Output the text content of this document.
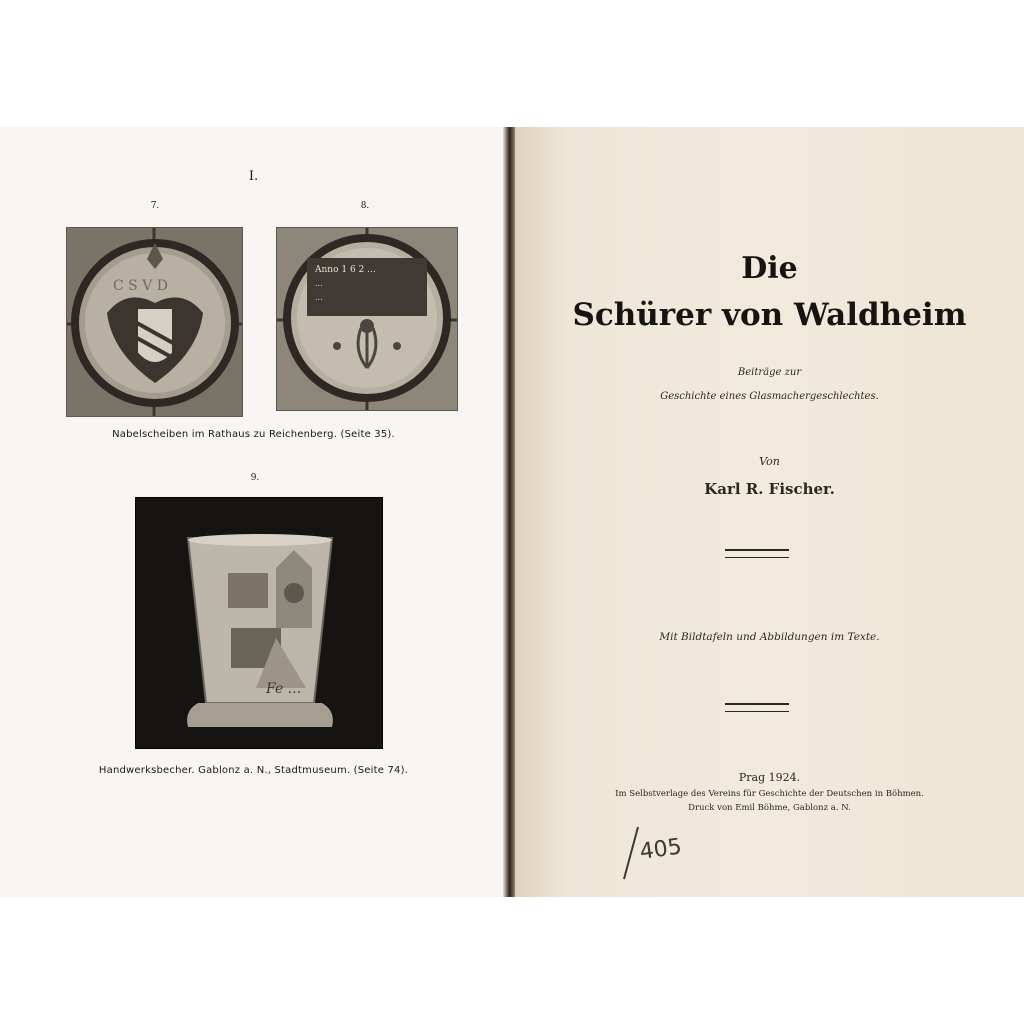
I.
7.	8.
C S V D
Anno 1 6 2 ...
...
...
Nabelscheiben im Rathaus zu Reichenberg. (Seite 35).
9.
Fe ...
Handwerksbecher. Gablonz a. N., Stadtmuseum. (Seite 74).
Die
Schürer von Waldheim
Beiträge zur
Geschichte eines Glasmachergeschlechtes.
Von
Karl R. Fischer.
Mit Bildtafeln und Abbildungen im Texte.
Prag 1924.
Im Selbstverlage des Vereins für Geschichte der Deutschen in Böhmen.
Druck von Emil Böhme, Gablonz a. N.
405
